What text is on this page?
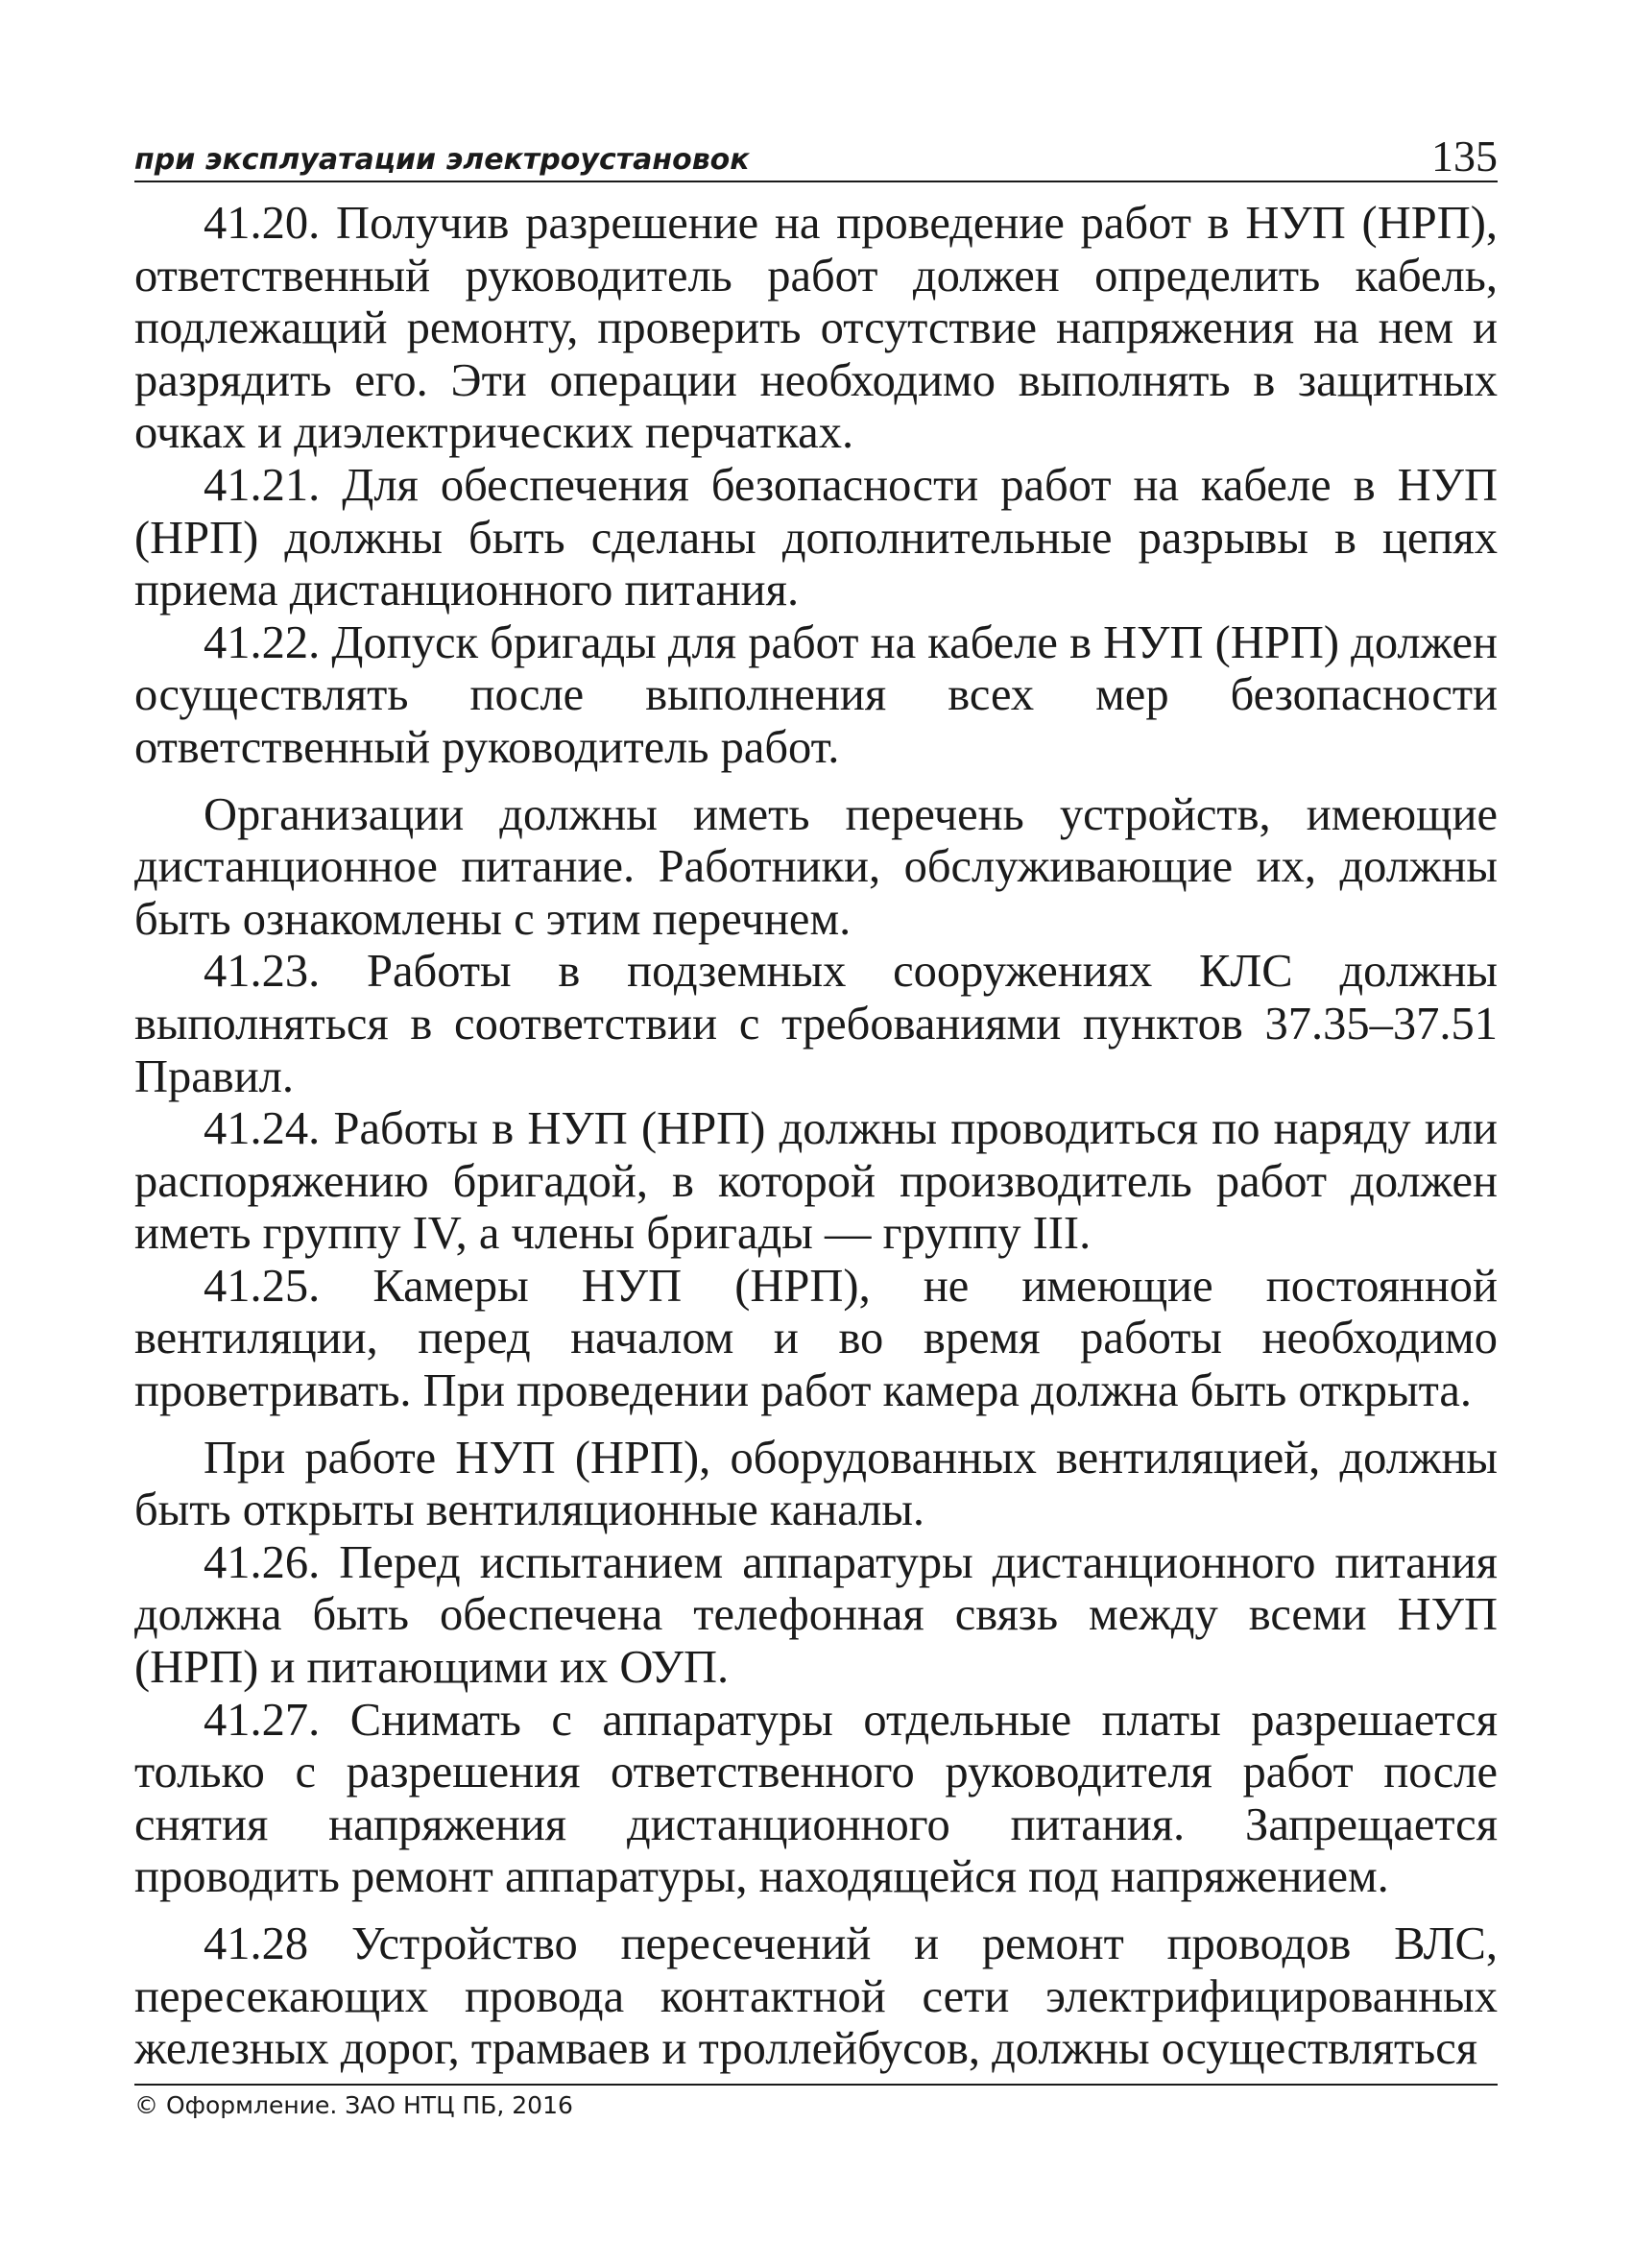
при эксплуатации электроустановок	135

41.20. Получив разрешение на проведение работ в НУП (НРП), ответственный руководитель работ должен определить кабель, подлежащий ремонту, проверить отсутствие напряжения на нем и разрядить его. Эти операции необходимо выполнять в защитных очках и диэлектрических перчатках.

41.21. Для обеспечения безопасности работ на кабеле в НУП (НРП) должны быть сделаны дополнительные разрывы в цепях приема дистанционного питания.

41.22. Допуск бригады для работ на кабеле в НУП (НРП) должен осуществлять после выполнения всех мер безопасности ответственный руководитель работ.

Организации должны иметь перечень устройств, имеющие дистанционное питание. Работники, обслуживающие их, должны быть ознакомлены с этим перечнем.

41.23. Работы в подземных сооружениях КЛС должны выполняться в соответствии с требованиями пунктов 37.35–37.51 Правил.

41.24. Работы в НУП (НРП) должны проводиться по наряду или распоряжению бригадой, в которой производитель работ должен иметь группу IV, а члены бригады — группу III.

41.25. Камеры НУП (НРП), не имеющие постоянной вентиляции, перед началом и во время работы необходимо проветривать. При проведении работ камера должна быть открыта.

При работе НУП (НРП), оборудованных вентиляцией, должны быть открыты вентиляционные каналы.

41.26. Перед испытанием аппаратуры дистанционного питания должна быть обеспечена телефонная связь между всеми НУП (НРП) и питающими их ОУП.

41.27. Снимать с аппаратуры отдельные платы разрешается только с разрешения ответственного руководителя работ после снятия напряжения дистанционного питания. Запрещается проводить ремонт аппаратуры, находящейся под напряжением.

41.28 Устройство пересечений и ремонт проводов ВЛС, пересекающих провода контактной сети электрифицированных железных дорог, трамваев и троллейбусов, должны осуществляться

© Оформление. ЗАО НТЦ ПБ, 2016
